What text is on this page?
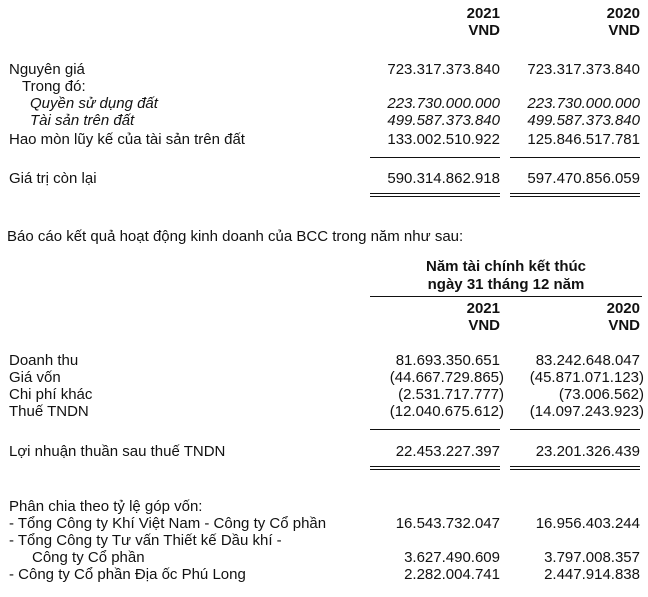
2021
VND
2020
VND
Nguyên giá	723.317.373.840 723.317.373.840
Trong đó:
Quyền sử dụng đất	223.730.000.000 223.730.000.000
Tài sản trên đất	499.587.373.840 499.587.373.840
Hao mòn lũy kế của tài sản trên đất	133.002.510.922 125.846.517.781
Giá trị còn lại	590.314.862.918 597.470.856.059
Báo cáo kết quả hoạt động kinh doanh của BCC trong năm như sau:
Năm tài chính kết thúc
ngày 31 tháng 12 năm
2021
VND
2020
VND
Doanh thu	81.693.350.651 83.242.648.047
Giá vốn	(44.667.729.865) (45.871.071.123)
Chi phí khác	(2.531.717.777)	(73.006.562)
Thuế TNDN	(12.040.675.612) (14.097.243.923)
Lợi nhuận thuần sau thuế TNDN	22.453.227.397 23.201.326.439
Phân chia theo tỷ lệ góp vốn:
- Tổng Công ty Khí Việt Nam - Công ty Cổ phần	16.543.732.047 16.956.403.244
- Tổng Công ty Tư vấn Thiết kế Dầu khí -
Công ty Cổ phần	3.627.490.609	3.797.008.357
- Công ty Cổ phần Địa ốc Phú Long	2.282.004.741	2.447.914.838
